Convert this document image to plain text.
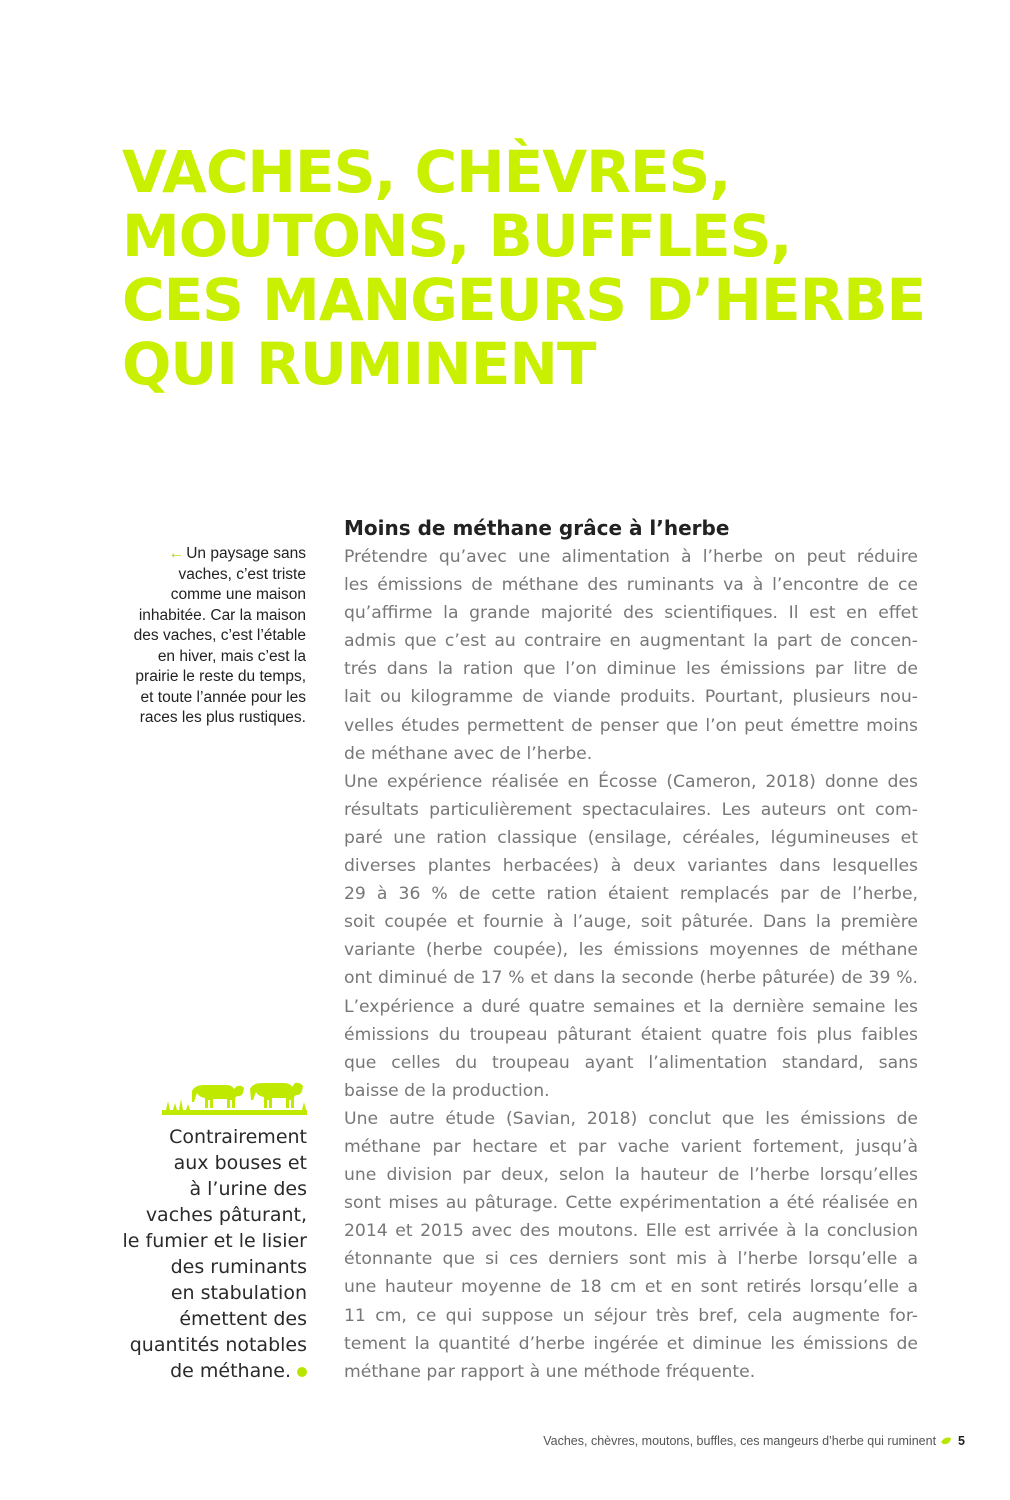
VACHES, CHÈVRES,
MOUTONS, BUFFLES,
CES MANGEURS D’HERBE
QUI RUMINENT
← Un paysage sans
vaches, c’est triste
comme une maison
inhabitée. Car la maison
des vaches, c’est l’étable
en hiver, mais c’est la
prairie le reste du temps,
et toute l’année pour les
races les plus rustiques.
Contrairement
aux bouses et
à l’urine des
vaches pâturant,
le fumier et le lisier
des ruminants
en stabulation
émettent des
quantités notables
de méthane.
Moins de méthane grâce à l’herbe
Prétendre qu’avec une alimentation à l’herbe on peut réduire
les émissions de méthane des ruminants va à l’encontre de ce
qu’affirme la grande majorité des scientifiques. Il est en effet
admis que c’est au contraire en augmentant la part de concen-
trés dans la ration que l’on diminue les émissions par litre de
lait ou kilogramme de viande produits. Pourtant, plusieurs nou-
velles études permettent de penser que l’on peut émettre moins
de méthane avec de l’herbe.
Une expérience réalisée en Écosse (Cameron, 2018) donne des
résultats particulièrement spectaculaires. Les auteurs ont com-
paré une ration classique (ensilage, céréales, légumineuses et
diverses plantes herbacées) à deux variantes dans lesquelles
29 à 36 % de cette ration étaient remplacés par de l’herbe,
soit coupée et fournie à l’auge, soit pâturée. Dans la première
variante (herbe coupée), les émissions moyennes de méthane
ont diminué de 17 % et dans la seconde (herbe pâturée) de 39 %.
L’expérience a duré quatre semaines et la dernière semaine les
émissions du troupeau pâturant étaient quatre fois plus faibles
que celles du troupeau ayant l’alimentation standard, sans
baisse de la production.
Une autre étude (Savian, 2018) conclut que les émissions de
méthane par hectare et par vache varient fortement, jusqu’à
une division par deux, selon la hauteur de l’herbe lorsqu’elles
sont mises au pâturage. Cette expérimentation a été réalisée en
2014 et 2015 avec des moutons. Elle est arrivée à la conclusion
étonnante que si ces derniers sont mis à l’herbe lorsqu’elle a
une hauteur moyenne de 18 cm et en sont retirés lorsqu’elle a
11 cm, ce qui suppose un séjour très bref, cela augmente for-
tement la quantité d’herbe ingérée et diminue les émissions de
méthane par rapport à une méthode fréquente.
Vaches, chèvres, moutons, buffles, ces mangeurs d’herbe qui ruminent 5
